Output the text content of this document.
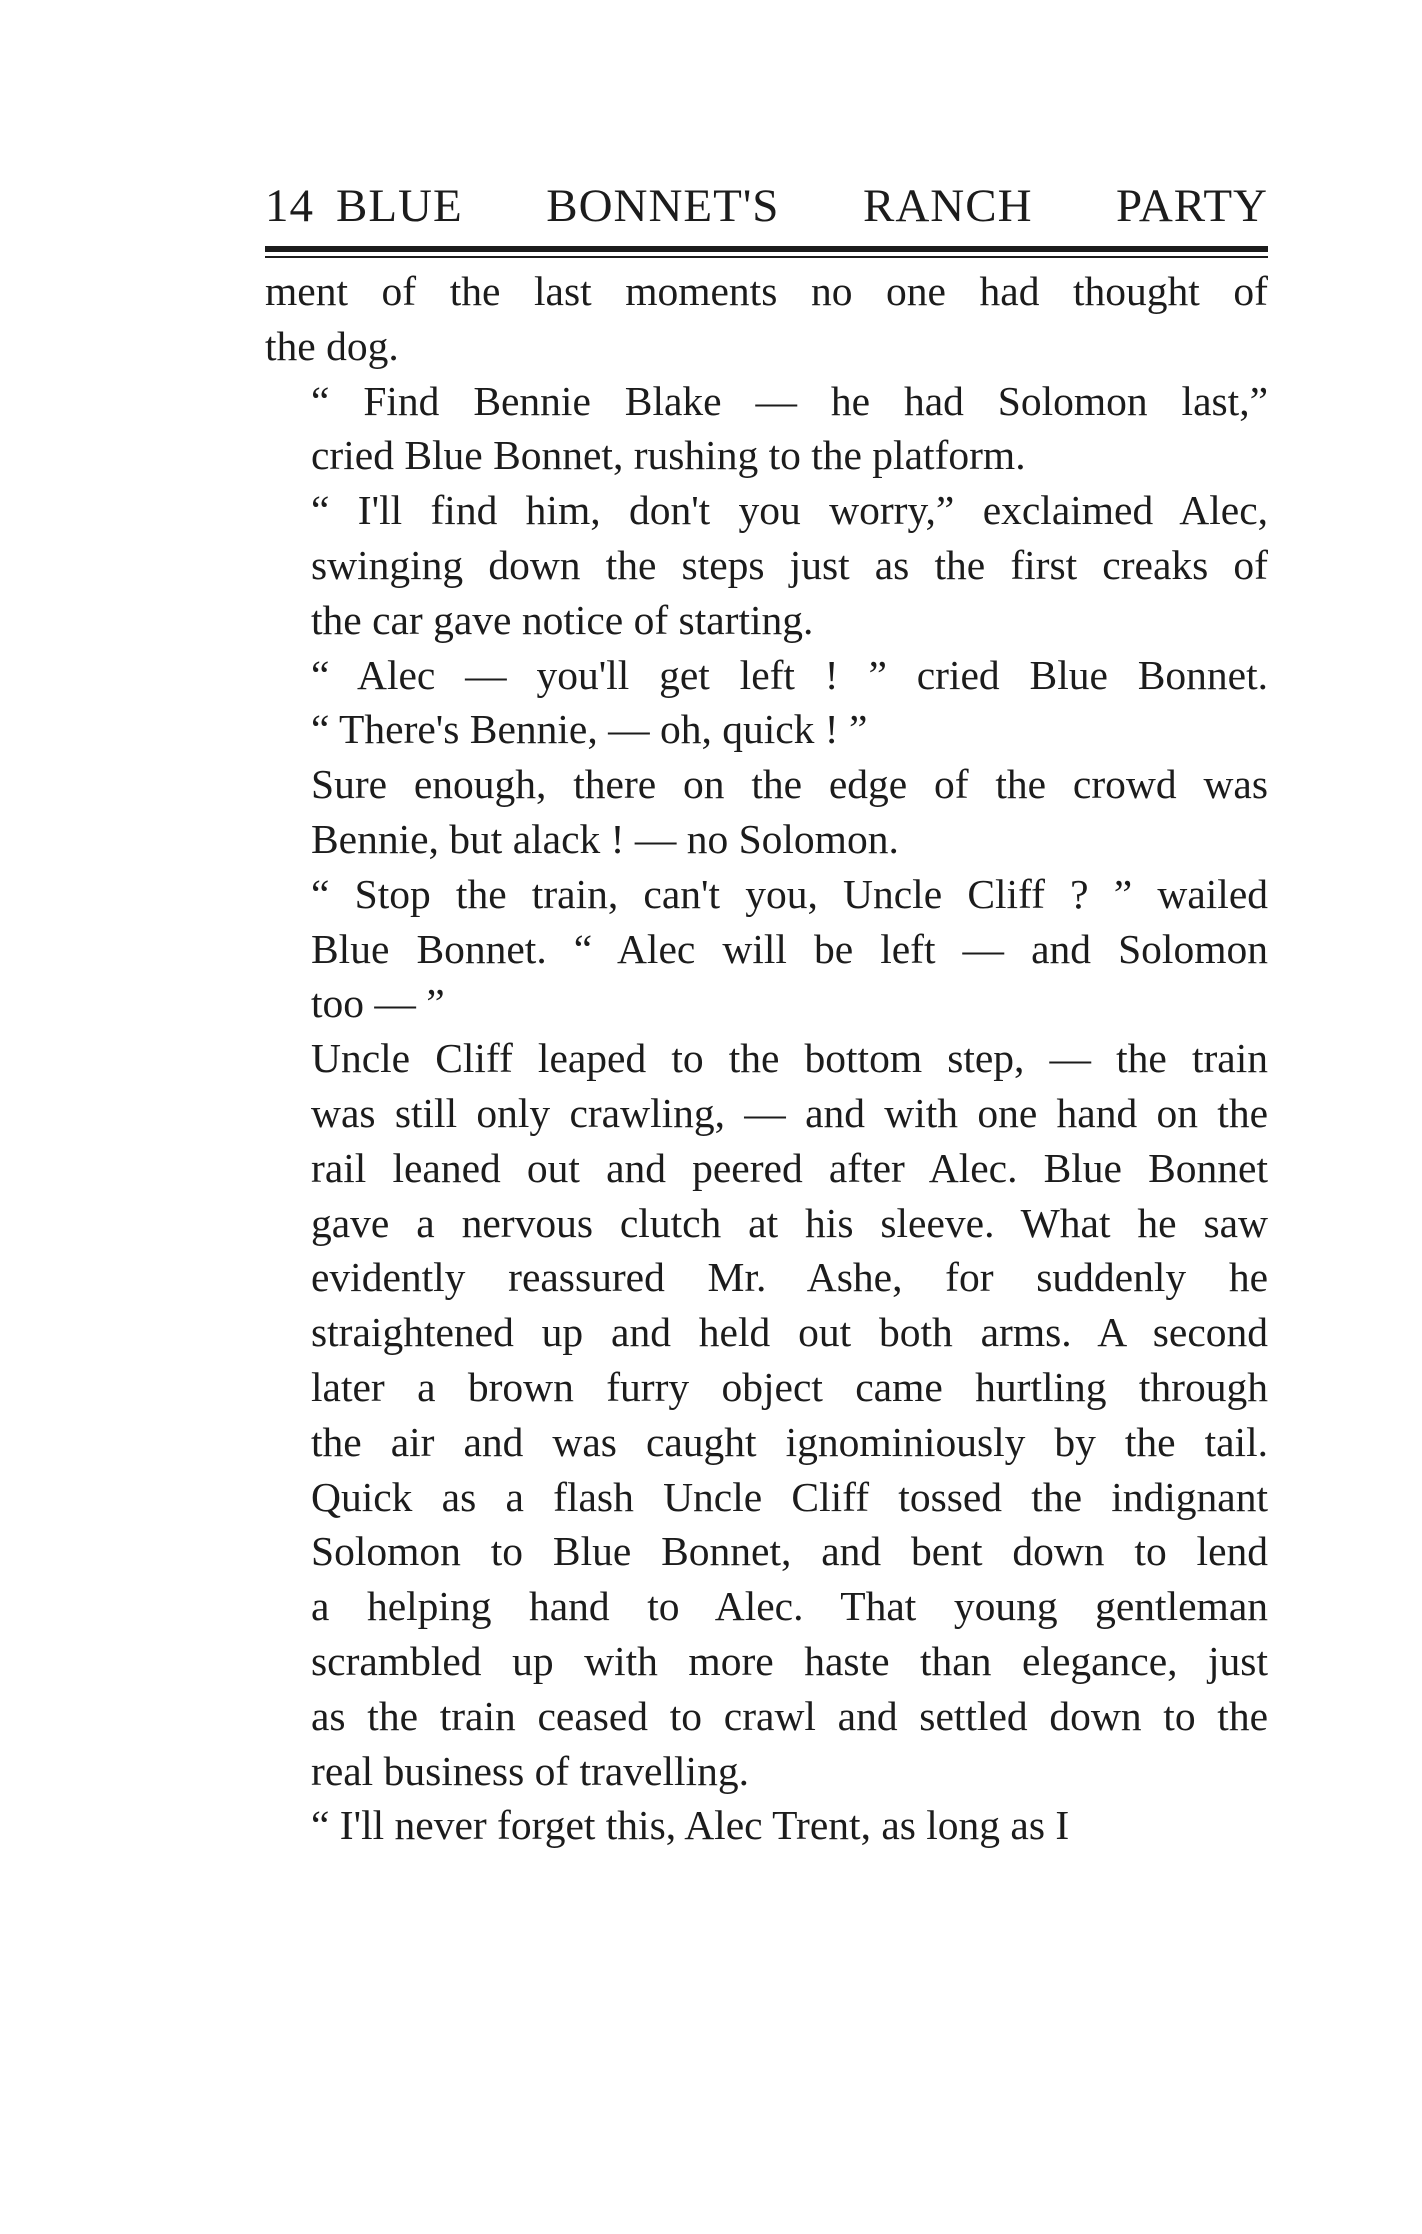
14 BLUE BONNET'S RANCH PARTY
ment of the last moments no one had thought of
the dog.
“ Find Bennie Blake — he had Solomon last,”
cried Blue Bonnet, rushing to the platform.
“ I'll find him, don't you worry,” exclaimed Alec,
swinging down the steps just as the first creaks of
the car gave notice of starting.
“ Alec — you'll get left ! ” cried Blue Bonnet.
“ There's Bennie, — oh, quick ! ”
Sure enough, there on the edge of the crowd was
Bennie, but alack ! — no Solomon.
“ Stop the train, can't you, Uncle Cliff ? ” wailed
Blue Bonnet. “ Alec will be left — and Solomon
too — ”
Uncle Cliff leaped to the bottom step, — the train
was still only crawling, — and with one hand on the
rail leaned out and peered after Alec. Blue Bonnet
gave a nervous clutch at his sleeve. What he saw
evidently reassured Mr. Ashe, for suddenly he
straightened up and held out both arms. A second
later a brown furry object came hurtling through
the air and was caught ignominiously by the tail.
Quick as a flash Uncle Cliff tossed the indignant
Solomon to Blue Bonnet, and bent down to lend
a helping hand to Alec. That young gentleman
scrambled up with more haste than elegance, just
as the train ceased to crawl and settled down to the
real business of travelling.
“ I'll never forget this, Alec Trent, as long as I
